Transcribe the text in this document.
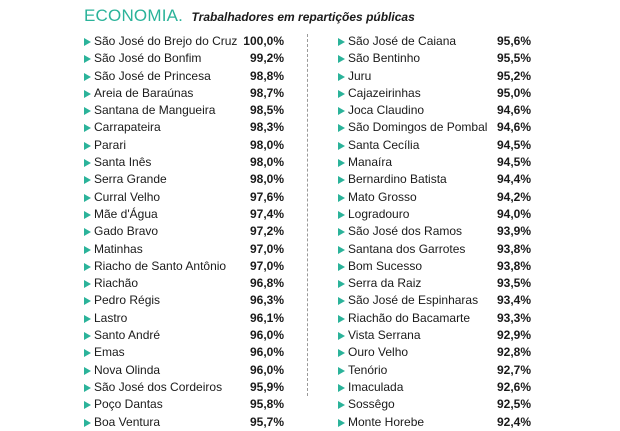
ECONOMIA. Trabalhadores em repartições públicas
São José do Brejo do Cruz 100,0%
São José do Bonfim	99,2%
São José de Princesa	98,8%
Areia de Baraúnas	98,7%
Santana de Mangueira	98,5%
Carrapateira	98,3%
Parari	98,0%
Santa Inês	98,0%
Serra Grande	98,0%
Curral Velho	97,6%
Mãe d'Água	97,4%
Gado Bravo	97,2%
Matinhas	97,0%
Riacho de Santo Antônio 97,0%
Riachão	96,8%
Pedro Régis	96,3%
Lastro	96,1%
Santo André	96,0%
Emas	96,0%
Nova Olinda	96,0%
São José dos Cordeiros 95,9%
Poço Dantas	95,8%
Boa Ventura	95,7%
São José de Caiana	95,6%
São Bentinho	95,5%
Juru	95,2%
Cajazeirinhas	95,0%
Joca Claudino	94,6%
São Domingos de Pombal 94,6%
Santa Cecília	94,5%
Manaíra	94,5%
Bernardino Batista	94,4%
Mato Grosso	94,2%
Logradouro	94,0%
São José dos Ramos	93,9%
Santana dos Garrotes	93,8%
Bom Sucesso	93,8%
Serra da Raiz	93,5%
São José de Espinharas 93,4%
Riachão do Bacamarte 93,3%
Vista Serrana	92,9%
Ouro Velho	92,8%
Tenório	92,7%
Imaculada	92,6%
Sossêgo	92,5%
Monte Horebe	92,4%
